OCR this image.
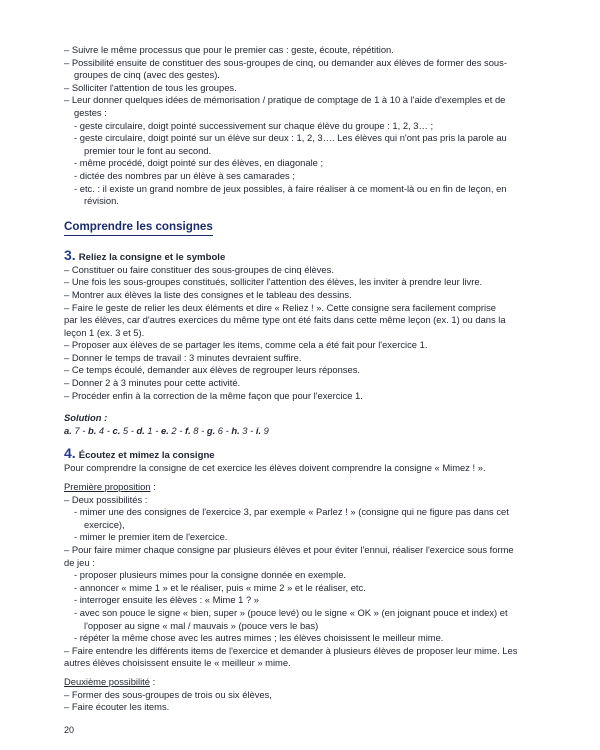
– Suivre le même processus que pour le premier cas : geste, écoute, répétition.
– Possibilité ensuite de constituer des sous-groupes de cinq, ou demander aux élèves de former des sous-
groupes de cinq (avec des gestes).
– Solliciter l'attention de tous les groupes.
– Leur donner quelques idées de mémorisation / pratique de comptage de 1 à 10 à l'aide d'exemples et de
gestes :
- geste circulaire, doigt pointé successivement sur chaque élève du groupe : 1, 2, 3… ;
- geste circulaire, doigt pointé sur un élève sur deux : 1, 2, 3…. Les élèves qui n'ont pas pris la parole au
premier tour le font au second.
- même procédé, doigt pointé sur des élèves, en diagonale ;
- dictée des nombres par un élève à ses camarades ;
- etc. : il existe un grand nombre de jeux possibles, à faire réaliser à ce moment-là ou en fin de leçon, en
révision.
Comprendre les consignes
3. Reliez la consigne et le symbole
– Constituer ou faire constituer des sous-groupes de cinq élèves.
– Une fois les sous-groupes constitués, solliciter l'attention des élèves, les inviter à prendre leur livre.
– Montrer aux élèves la liste des consignes et le tableau des dessins.
– Faire le geste de relier les deux éléments et dire « Reliez ! ». Cette consigne sera facilement comprise
par les élèves, car d'autres exercices du même type ont été faits dans cette même leçon (ex. 1) ou dans la
leçon 1 (ex. 3 et 5).
– Proposer aux élèves de se partager les items, comme cela a été fait pour l'exercice 1.
– Donner le temps de travail : 3 minutes devraient suffire.
– Ce temps écoulé, demander aux élèves de regrouper leurs réponses.
– Donner 2 à 3 minutes pour cette activité.
– Procéder enfin à la correction de la même façon que pour l'exercice 1.
Solution :
a. 7 - b. 4 - c. 5 - d. 1 - e. 2 - f. 8 - g. 6 - h. 3 - i. 9
4. Écoutez et mimez la consigne
Pour comprendre la consigne de cet exercice les élèves doivent comprendre la consigne « Mimez ! ».
Première proposition :
– Deux possibilités :
- mimer une des consignes de l'exercice 3, par exemple « Parlez ! » (consigne qui ne figure pas dans cet
exercice),
- mimer le premier item de l'exercice.
– Pour faire mimer chaque consigne par plusieurs élèves et pour éviter l'ennui, réaliser l'exercice sous forme
de jeu :
- proposer plusieurs mimes pour la consigne donnée en exemple.
- annoncer « mime 1 » et le réaliser, puis « mime 2 » et le réaliser, etc.
- interroger ensuite les élèves : « Mime 1 ? »
- avec son pouce le signe « bien, super » (pouce levé) ou le signe « OK » (en joignant pouce et index) et
l'opposer au signe « mal / mauvais » (pouce vers le bas)
- répéter la même chose avec les autres mimes ; les élèves choisissent le meilleur mime.
– Faire entendre les différents items de l'exercice et demander à plusieurs élèves de proposer leur mime. Les
autres élèves choisissent ensuite le « meilleur » mime.
Deuxième possibilité :
– Former des sous-groupes de trois ou six élèves,
– Faire écouter les items.
20
